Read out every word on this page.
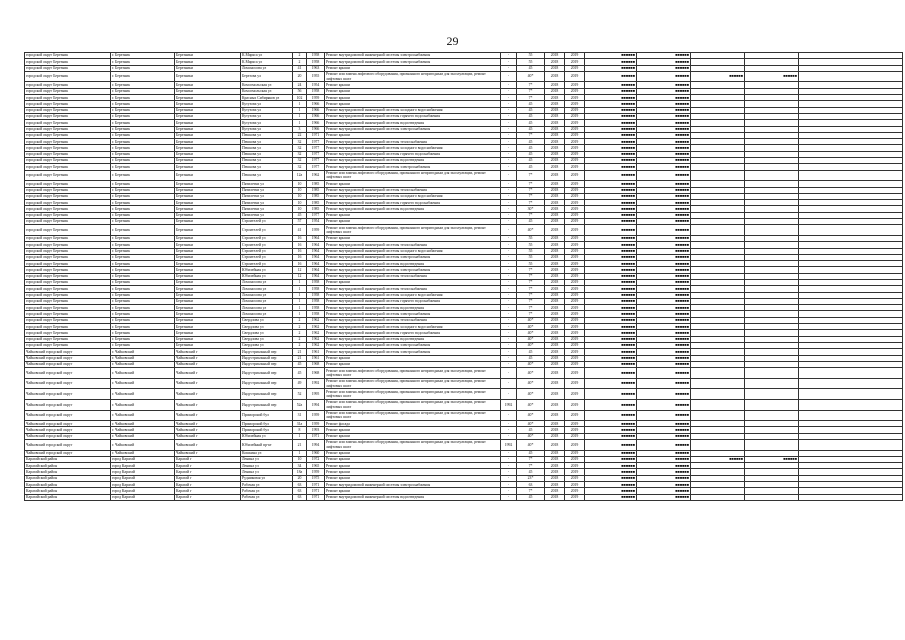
29
городской округ Березник	г. Березник	Березники	К.Маркса ул	2	1958	Ремонт внутридомовой инженерной системы электроснабжения	-	55	2018	2019	■■■■■■	■■■■■■			
городской округ Березник	г. Березник	Березники	К.Маркса ул	2	1958	Ремонт внутридомовой инженерной системы электроснабжения	-	55	2018	2019	■■■■■■	■■■■■■			
городской округ Березник	г. Березник	Березники	Ломоносова ул	41	1963	Ремонт крыши	-	45	2018	2019	■■■■■■	■■■■■■			
городской округ Березник	г. Березник	Березники	Березова ул	20	1955	Ремонт или замена лифтового оборудования, признанного непригодным для эксплуатации, ремонт лифтовых шахт	-	40*	2018	2019	■■■■■■	■■■■■■	■■■■■■	■■■■■■	
городской округ Березник	г. Березник	Березники	Комсомольская ул	24	1954	Ремонт крыши	-	7*	2018	2019	■■■■■■	■■■■■■			
городской округ Березник	г. Березник	Березники	Комсомольская ул	56	1958	Ремонт крыши	-	7*	2018	2019	■■■■■■	■■■■■■			
городской округ Березник	г. Березник	Березники	Красных Сибиряков ул	102	1959	Ремонт крыши	-	7*	2018	2019	■■■■■■	■■■■■■			
городской округ Березник	г. Березник	Березники	Кутузова ул	1	1966	Ремонт крыши	-	45	2018	2019	■■■■■■	■■■■■■			
городской округ Березник	г. Березник	Березники	Кутузова ул	1	1966	Ремонт внутридомовой инженерной системы холодного водоснабжения	-	45	2018	2019	■■■■■■	■■■■■■			
городской округ Березник	г. Березник	Березники	Кутузова ул	1	1966	Ремонт внутридомовой инженерной системы горячего водоснабжения	-	45	2018	2019	■■■■■■	■■■■■■			
городской округ Березник	г. Березник	Березники	Кутузова ул	1	1966	Ремонт внутридомовой инженерной системы водоотведения	-	45	2018	2019	■■■■■■	■■■■■■			
городской округ Березник	г. Березник	Березники	Кутузова ул	3	1966	Ремонт внутридомовой инженерной системы электроснабжения	-	45	2018	2019	■■■■■■	■■■■■■			
городской округ Березник	г. Березник	Березники	Пешкова ул	22	1971	Ремонт крыши	-	7*	2018	2019	■■■■■■	■■■■■■			
городской округ Березник	г. Березник	Березники	Пешкова ул	32	1977	Ремонт внутридомовой инженерной системы теплоснабжения	-	45	2018	2019	■■■■■■	■■■■■■			
городской округ Березник	г. Березник	Березники	Пешкова ул	32	1977	Ремонт внутридомовой инженерной системы холодного водоснабжения	-	45	2018	2019	■■■■■■	■■■■■■			
городской округ Березник	г. Березник	Березники	Пешкова ул	32	1977	Ремонт внутридомовой инженерной системы горячего водоснабжения	-	45	2018	2019	■■■■■■	■■■■■■			
городской округ Березник	г. Березник	Березники	Пешкова ул	32	1977	Ремонт внутридомовой инженерной системы водоотведения	-	45	2018	2019	■■■■■■	■■■■■■			
городской округ Березник	г. Березник	Березники	Пешкова ул	32	1977	Ремонт внутридомовой инженерной системы электроснабжения	-	45	2018	2019	■■■■■■	■■■■■■			
городской округ Березник	г. Березник	Березники	Пешкова ул	12а	1962	Ремонт или замена лифтового оборудования, признанного непригодным для эксплуатации, ремонт лифтовых шахт	-	7*	2018	2019	■■■■■■	■■■■■■			
городской округ Березник	г. Березник	Березники	Пятилетки ул	10	1985	Ремонт крыши	-	7*	2018	2019	■■■■■■	■■■■■■			
городской округ Березник	г. Березник	Березники	Пятилетки ул	10	1985	Ремонт внутридомовой инженерной системы теплоснабжения	-	7*	2018	2019	■■■■■■	■■■■■■			
городской округ Березник	г. Березник	Березники	Пятилетки ул	10	1985	Ремонт внутридомовой инженерной системы холодного водоснабжения	-	7*	2018	2019	■■■■■■	■■■■■■			
городской округ Березник	г. Березник	Березники	Пятилетки ул	10	1985	Ремонт внутридомовой инженерной системы горячего водоснабжения	-	7*	2018	2019	■■■■■■	■■■■■■			
городской округ Березник	г. Березник	Березники	Пятилетки ул	10	1985	Ремонт внутридомовой инженерной системы водоотведения	-	30*	2018	2019	■■■■■■	■■■■■■			
городской округ Березник	г. Березник	Березники	Пятилетки ул	45	1977	Ремонт крыши	-	7*	2018	2019	■■■■■■	■■■■■■			
городской округ Березник	г. Березник	Березники	Строителей ул	57	1954	Ремонт крыши	-	45	2018	2019	■■■■■■	■■■■■■			
городской округ Березник	г. Березник	Березники	Строителей ул	41	1959	Ремонт или замена лифтового оборудования, признанного непригодным для эксплуатации, ремонт лифтовых шахт	-	40*	2018	2019	■■■■■■	■■■■■■			
городской округ Березник	г. Березник	Березники	Строителей ул	16	1964	Ремонт крыши	-	55	2018	2019	■■■■■■	■■■■■■			
городской округ Березник	г. Березник	Березники	Строителей ул	16	1964	Ремонт внутридомовой инженерной системы теплоснабжения	-	55	2018	2019	■■■■■■	■■■■■■			
городской округ Березник	г. Березник	Березники	Строителей ул	16	1964	Ремонт внутридомовой инженерной системы холодного водоснабжения	-	55	2018	2019	■■■■■■	■■■■■■			
городской округ Березник	г. Березник	Березники	Строителей ул	16	1964	Ремонт внутридомовой инженерной системы электроснабжения	-	55	2018	2019	■■■■■■	■■■■■■			
городской округ Березник	г. Березник	Березники	Строителей ул	16	1964	Ремонт внутридомовой инженерной системы водоотведения	-	55	2018	2019	■■■■■■	■■■■■■			
городской округ Березник	г. Березник	Березники	Юбилейная ул	12	1964	Ремонт внутридомовой инженерной системы электроснабжения	-	7*	2018	2019	■■■■■■	■■■■■■			
городской округ Березник	г. Березник	Березники	Юбилейная ул	12	1964	Ремонт внутридомовой инженерной системы теплоснабжения	-	7*	2018	2019	■■■■■■	■■■■■■			
городской округ Березник	г. Березник	Березники	Ломоносова ул	1	1958	Ремонт крыши	-	7*	2018	2019	■■■■■■	■■■■■■			
городской округ Березник	г. Березник	Березники	Ломоносова ул	1	1958	Ремонт внутридомовой инженерной системы теплоснабжения	-	7*	2018	2019	■■■■■■	■■■■■■			
городской округ Березник	г. Березник	Березники	Ломоносова ул	1	1958	Ремонт внутридомовой инженерной системы холодного водоснабжения	-	7*	2018	2019	■■■■■■	■■■■■■			
городской округ Березник	г. Березник	Березники	Ломоносова ул	1	1958	Ремонт внутридомовой инженерной системы горячего водоснабжения	-	7*	2018	2019	■■■■■■	■■■■■■			
городской округ Березник	г. Березник	Березники	Ломоносова ул	1	1958	Ремонт внутридомовой инженерной системы водоотведения	-	7*	2018	2019	■■■■■■	■■■■■■			
городской округ Березник	г. Березник	Березники	Ломоносова ул	1	1958	Ремонт внутридомовой инженерной системы электроснабжения	-	7*	2018	2019	■■■■■■	■■■■■■			
городской округ Березник	г. Березник	Березники	Свердлова ул	2	1962	Ремонт внутридомовой инженерной системы теплоснабжения	-	40*	2018	2019	■■■■■■	■■■■■■			
городской округ Березник	г. Березник	Березники	Свердлова ул	2	1962	Ремонт внутридомовой инженерной системы холодного водоснабжения	-	40*	2018	2019	■■■■■■	■■■■■■			
городской округ Березник	г. Березник	Березники	Свердлова ул	2	1962	Ремонт внутридомовой инженерной системы горячего водоснабжения	-	40*	2018	2019	■■■■■■	■■■■■■			
городской округ Березник	г. Березник	Березники	Свердлова ул	2	1962	Ремонт внутридомовой инженерной системы водоотведения	-	40*	2018	2019	■■■■■■	■■■■■■			
городской округ Березник	г. Березник	Березники	Свердлова ул	2	1962	Ремонт внутридомовой инженерной системы электроснабжения	-	40*	2018	2019	■■■■■■	■■■■■■			
Чайковский городской округ	г. Чайковский	Чайковский г	Индустриальный пер	21	1961	Ремонт внутридомовой инженерной системы электроснабжения	-	45	2018	2019	■■■■■■	■■■■■■			
Чайковский городской округ	г. Чайковский	Чайковский г	Индустриальный пер	21	1961	Ремонт крыши	-	45	2018	2019	■■■■■■	■■■■■■			
Чайковский городской округ	г. Чайковский	Чайковский г	Индустриальный пер	45	1968	Ремонт крыши	-	40*	2018	2019	■■■■■■	■■■■■■			
Чайковский городской округ	г. Чайковский	Чайковский г	Индустриальный пер	45	1968	Ремонт или замена лифтового оборудования, признанного непригодным для эксплуатации, ремонт лифтовых шахт	-	40*	2018	2019	■■■■■■	■■■■■■			
Чайковский городской округ	г. Чайковский	Чайковский г	Индустриальный пер	49	1992	Ремонт или замена лифтового оборудования, признанного непригодным для эксплуатации, ремонт лифтовых шахт	-	40*	2018	2019	■■■■■■	■■■■■■			
Чайковский городской округ	г. Чайковский	Чайковский г	Индустриальный пер	52	1995	Ремонт или замена лифтового оборудования, признанного непригодным для эксплуатации, ремонт лифтовых шахт	-	40*	2018	2019	■■■■■■	■■■■■■			
Чайковский городской округ	г. Чайковский	Чайковский г	Индустриальный пер	52а	1994	Ремонт или замена лифтового оборудования, признанного непригодным для эксплуатации, ремонт лифтовых шахт	1992	40*	2018	2019	■■■■■■	■■■■■■			
Чайковский городской округ	г. Чайковский	Чайковский г	Приморский бул	31	1959	Ремонт или замена лифтового оборудования, признанного непригодным для эксплуатации, ремонт лифтовых шахт	-	40*	2018	2019	■■■■■■	■■■■■■			
Чайковский городской округ	г. Чайковский	Чайковский г	Приморский бул	31а	1959	Ремонт фасада	-	40*	2018	2019	■■■■■■	■■■■■■			
Чайковский городской округ	г. Чайковский	Чайковский г	Приморский бул	8	1993	Ремонт крыши	-	45	2018	2019	■■■■■■	■■■■■■			
Чайковский городской округ	г. Чайковский	Чайковский г	Юбилейная ул	1	1971	Ремонт крыши	-	40*	2018	2019	■■■■■■	■■■■■■			
Чайковский городской округ	г. Чайковский	Чайковский г	Юбилейный пр-кт	21	1994	Ремонт или замена лифтового оборудования, признанного непригодным для эксплуатации, ремонт лифтовых шахт	1992	40*	2018	2019	■■■■■■	■■■■■■			
Чайковский городской округ	г. Чайковский	Чайковский г	Кошкина ул	1	1960	Ремонт крыши	-	45	2018	2019	■■■■■■	■■■■■■			
Карагайский район	город Карагай	Карагай г	Ленина ул	10	1972	Ремонт крыши	-	7*	2018	2019	■■■■■■	■■■■■■	■■■■■■	■■■■■■	
Карагайский район	город Карагай	Карагай г	Ленина ул	34	1965	Ремонт крыши	-	7*	2018	2019	■■■■■■	■■■■■■			
Карагайский район	город Карагай	Карагай г	Ленина ул	18а	1959	Ремонт крыши	-	45	2018	2019	■■■■■■	■■■■■■			
Карагайский район	город Карагай	Карагай г	Рудниковая ул	20	1975	Ремонт крыши	-	23*	2018	2019	■■■■■■	■■■■■■			
Карагайский район	город Карагай	Карагай г	Рабочая ул	63	1971	Ремонт внутридомовой инженерной системы электроснабжения	-	63	2018	2019	■■■■■■	■■■■■■			
Карагайский район	город Карагай	Карагай г	Рабочая ул	63	1971	Ремонт крыши	-	7*	2018	2019	■■■■■■	■■■■■■			
Карагайский район	город Карагай	Карагай г	Рабочая ул	63	1971	Ремонт внутридомовой инженерной системы водоотведения	-	45	2018	2019	■■■■■■	■■■■■■			
